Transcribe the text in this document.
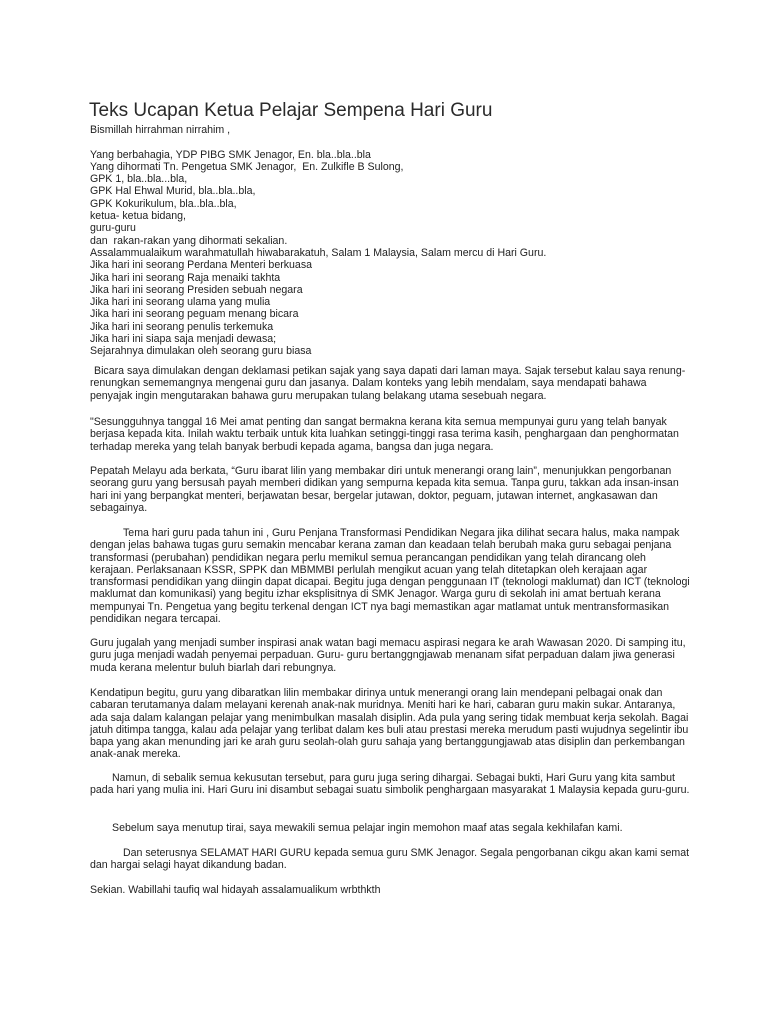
Teks Ucapan Ketua Pelajar Sempena Hari Guru
Bismillah hirrahman nirrahim ,

Yang berbahagia, YDP PIBG SMK Jenagor, En. bla..bla..bla
Yang dihormati Tn. Pengetua SMK Jenagor,  En. Zulkifle B Sulong,
GPK 1, bla..bla...bla,
GPK Hal Ehwal Murid, bla..bla..bla,
GPK Kokurikulum, bla..bla..bla,
ketua- ketua bidang,
guru-guru
dan  rakan-rakan yang dihormati sekalian.
Assalammualaikum warahmatullah hiwabarakatuh, Salam 1 Malaysia, Salam mercu di Hari Guru.
Jika hari ini seorang Perdana Menteri berkuasa
Jika hari ini seorang Raja menaiki takhta
Jika hari ini seorang Presiden sebuah negara
Jika hari ini seorang ulama yang mulia
Jika hari ini seorang peguam menang bicara
Jika hari ini seorang penulis terkemuka
Jika hari ini siapa saja menjadi dewasa;
Sejarahnya dimulakan oleh seorang guru biasa
Bicara saya dimulakan dengan deklamasi petikan sajak yang saya dapati dari laman maya. Sajak tersebut kalau saya renung- renungkan sememangnya mengenai guru dan jasanya. Dalam konteks yang lebih mendalam, saya mendapati bahawa penyajak ingin mengutarakan bahawa guru merupakan tulang belakang utama sesebuah negara.
"Sesungguhnya tanggal 16 Mei amat penting dan sangat bermakna kerana kita semua mempunyai guru yang telah banyak berjasa kepada kita. Inilah waktu terbaik untuk kita luahkan setinggi-tinggi rasa terima kasih, penghargaan dan penghormatan terhadap mereka yang telah banyak berbudi kepada agama, bangsa dan juga negara.
Pepatah Melayu ada berkata, “Guru ibarat lilin yang membakar diri untuk menerangi orang lain”, menunjukkan pengorbanan seorang guru yang bersusah payah memberi didikan yang sempurna kepada kita semua. Tanpa guru, takkan ada insan-insan hari ini yang berpangkat menteri, berjawatan besar, bergelar jutawan, doktor, peguam, jutawan internet, angkasawan dan sebagainya.
Tema hari guru pada tahun ini , Guru Penjana Transformasi Pendidikan Negara jika dilihat secara halus, maka nampak dengan jelas bahawa tugas guru semakin mencabar kerana zaman dan keadaan telah berubah maka guru sebagai penjana transformasi (perubahan) pendidikan negara perlu memikul semua perancangan pendidikan yang telah dirancang oleh kerajaan. Perlaksanaan KSSR, SPPK dan MBMMBI perlulah mengikut acuan yang telah ditetapkan oleh kerajaan agar transformasi pendidikan yang diingin dapat dicapai. Begitu juga dengan penggunaan IT (teknologi maklumat) dan ICT (teknologi maklumat dan komunikasi) yang begitu izhar eksplisitnya di SMK Jenagor. Warga guru di sekolah ini amat bertuah kerana mempunyai Tn. Pengetua yang begitu terkenal dengan ICT nya bagi memastikan agar matlamat untuk mentransformasikan pendidikan negara tercapai.
Guru jugalah yang menjadi sumber inspirasi anak watan bagi memacu aspirasi negara ke arah Wawasan 2020. Di samping itu, guru juga menjadi wadah penyemai perpaduan. Guru- guru bertanggngjawab menanam sifat perpaduan dalam jiwa generasi muda kerana melentur buluh biarlah dari rebungnya.
Kendatipun begitu, guru yang dibaratkan lilin membakar dirinya untuk menerangi orang lain mendepani pelbagai onak dan cabaran terutamanya dalam melayani kerenah anak-nak muridnya. Meniti hari ke hari, cabaran guru makin sukar. Antaranya, ada saja dalam kalangan pelajar yang menimbulkan masalah disiplin. Ada pula yang sering tidak membuat kerja sekolah. Bagai jatuh ditimpa tangga, kalau ada pelajar yang terlibat dalam kes buli atau prestasi mereka merudum pasti wujudnya segelintir ibu bapa yang akan menunding jari ke arah guru seolah-olah guru sahaja yang bertanggungjawab atas disiplin dan perkembangan anak-anak mereka.
Namun, di sebalik semua kekusutan tersebut, para guru juga sering dihargai. Sebagai bukti, Hari Guru yang kita sambut pada hari yang mulia ini. Hari Guru ini disambut sebagai suatu simbolik penghargaan masyarakat 1 Malaysia kepada guru-guru.
Sebelum saya menutup tirai, saya mewakili semua pelajar ingin memohon maaf atas segala kekhilafan kami.
Dan seterusnya SELAMAT HARI GURU kepada semua guru SMK Jenagor. Segala pengorbanan cikgu akan kami semat dan hargai selagi hayat dikandung badan.
Sekian. Wabillahi taufiq wal hidayah assalamualikum wrbthkth
